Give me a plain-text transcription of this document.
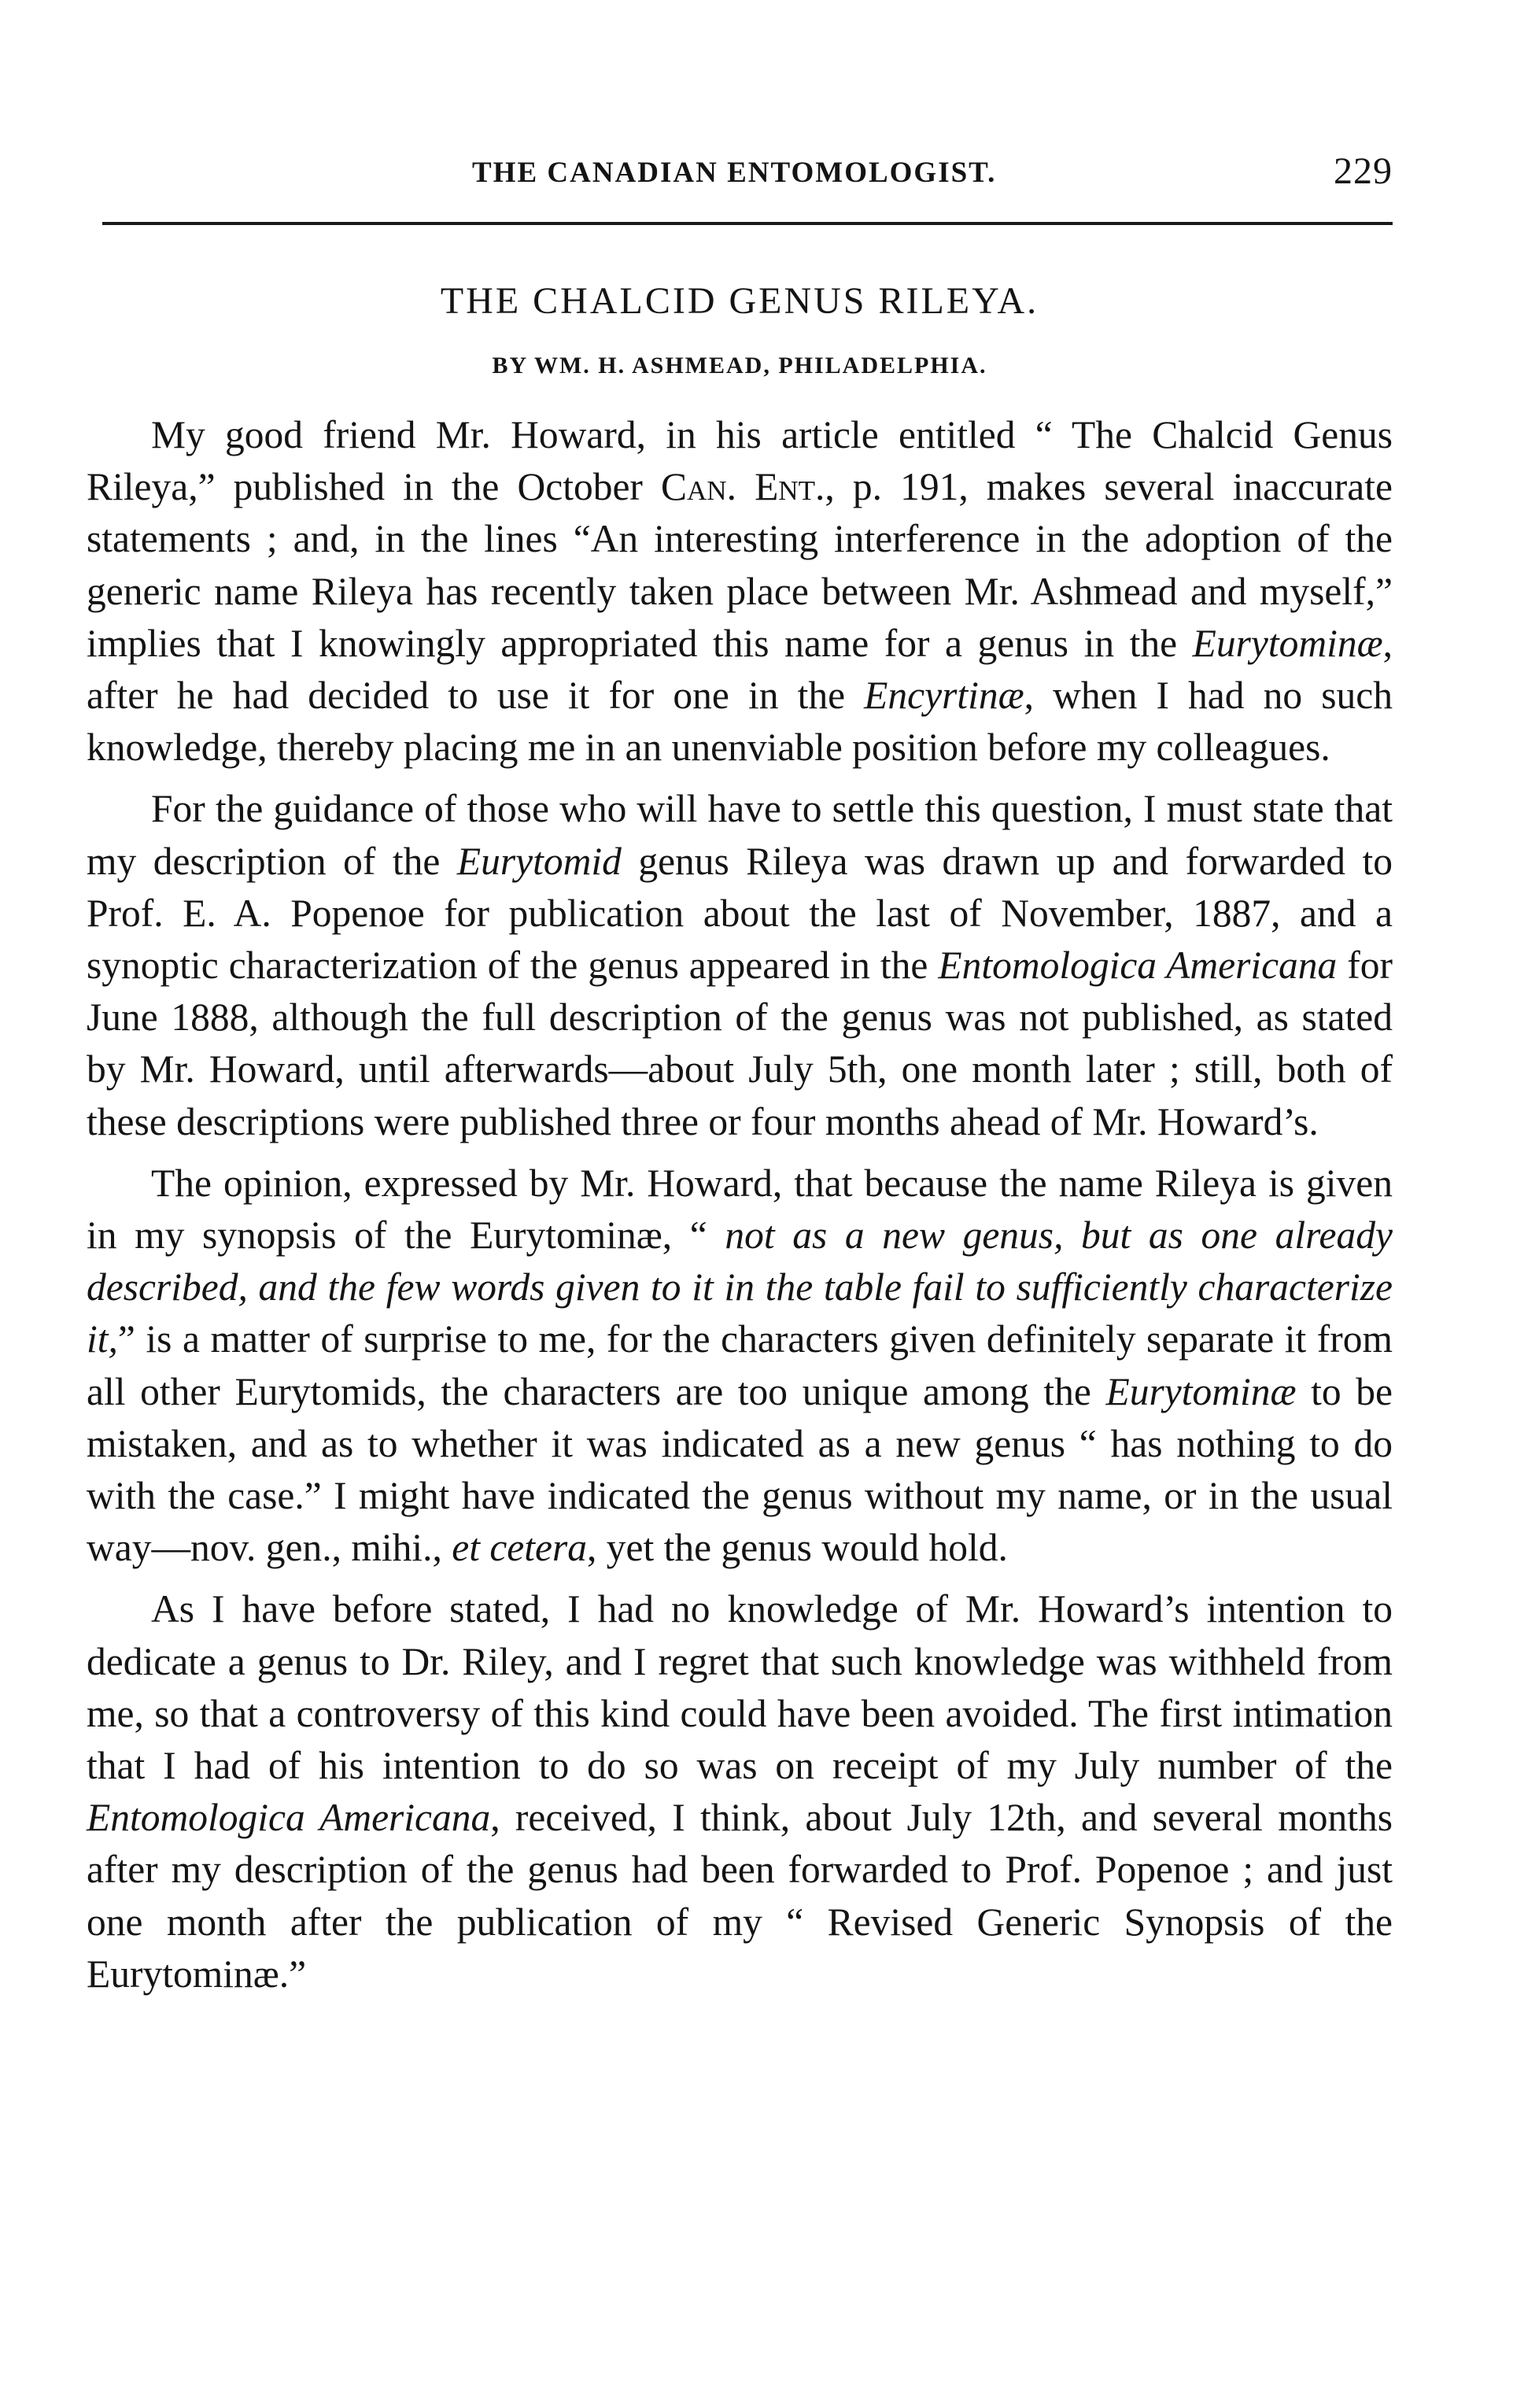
THE CANADIAN ENTOMOLOGIST.	229
THE CHALCID GENUS RILEYA.
BY WM. H. ASHMEAD, PHILADELPHIA.

My good friend Mr. Howard, in his article entitled “ The Chalcid Genus Rileya,” published in the October Can. Ent., p. 191, makes several inaccurate statements ; and, in the lines “An interesting interference in the adoption of the generic name Rileya has recently taken place between Mr. Ashmead and myself,” implies that I knowingly appropriated this name for a genus in the Eurytominæ, after he had decided to use it for one in the Encyrtinæ, when I had no such knowledge, thereby placing me in an unenviable position before my colleagues.

For the guidance of those who will have to settle this question, I must state that my description of the Eurytomid genus Rileya was drawn up and forwarded to Prof. E. A. Popenoe for publication about the last of November, 1887, and a synoptic characterization of the genus appeared in the Entomologica Americana for June 1888, although the full description of the genus was not published, as stated by Mr. Howard, until afterwards—about July 5th, one month later ; still, both of these descriptions were published three or four months ahead of Mr. Howard’s.

The opinion, expressed by Mr. Howard, that because the name Rileya is given in my synopsis of the Eurytominæ, “ not as a new genus, but as one already described, and the few words given to it in the table fail to sufficiently characterize it,” is a matter of surprise to me, for the characters given definitely separate it from all other Eurytomids, the characters are too unique among the Eurytominæ to be mistaken, and as to whether it was indicated as a new genus “ has nothing to do with the case.” I might have indicated the genus without my name, or in the usual way—nov. gen., mihi., et cetera, yet the genus would hold.

As I have before stated, I had no knowledge of Mr. Howard’s intention to dedicate a genus to Dr. Riley, and I regret that such knowledge was withheld from me, so that a controversy of this kind could have been avoided. The first intimation that I had of his intention to do so was on receipt of my July number of the Entomologica Americana, received, I think, about July 12th, and several months after my description of the genus had been forwarded to Prof. Popenoe ; and just one month after the publication of my “ Revised Generic Synopsis of the Eurytominæ.”
